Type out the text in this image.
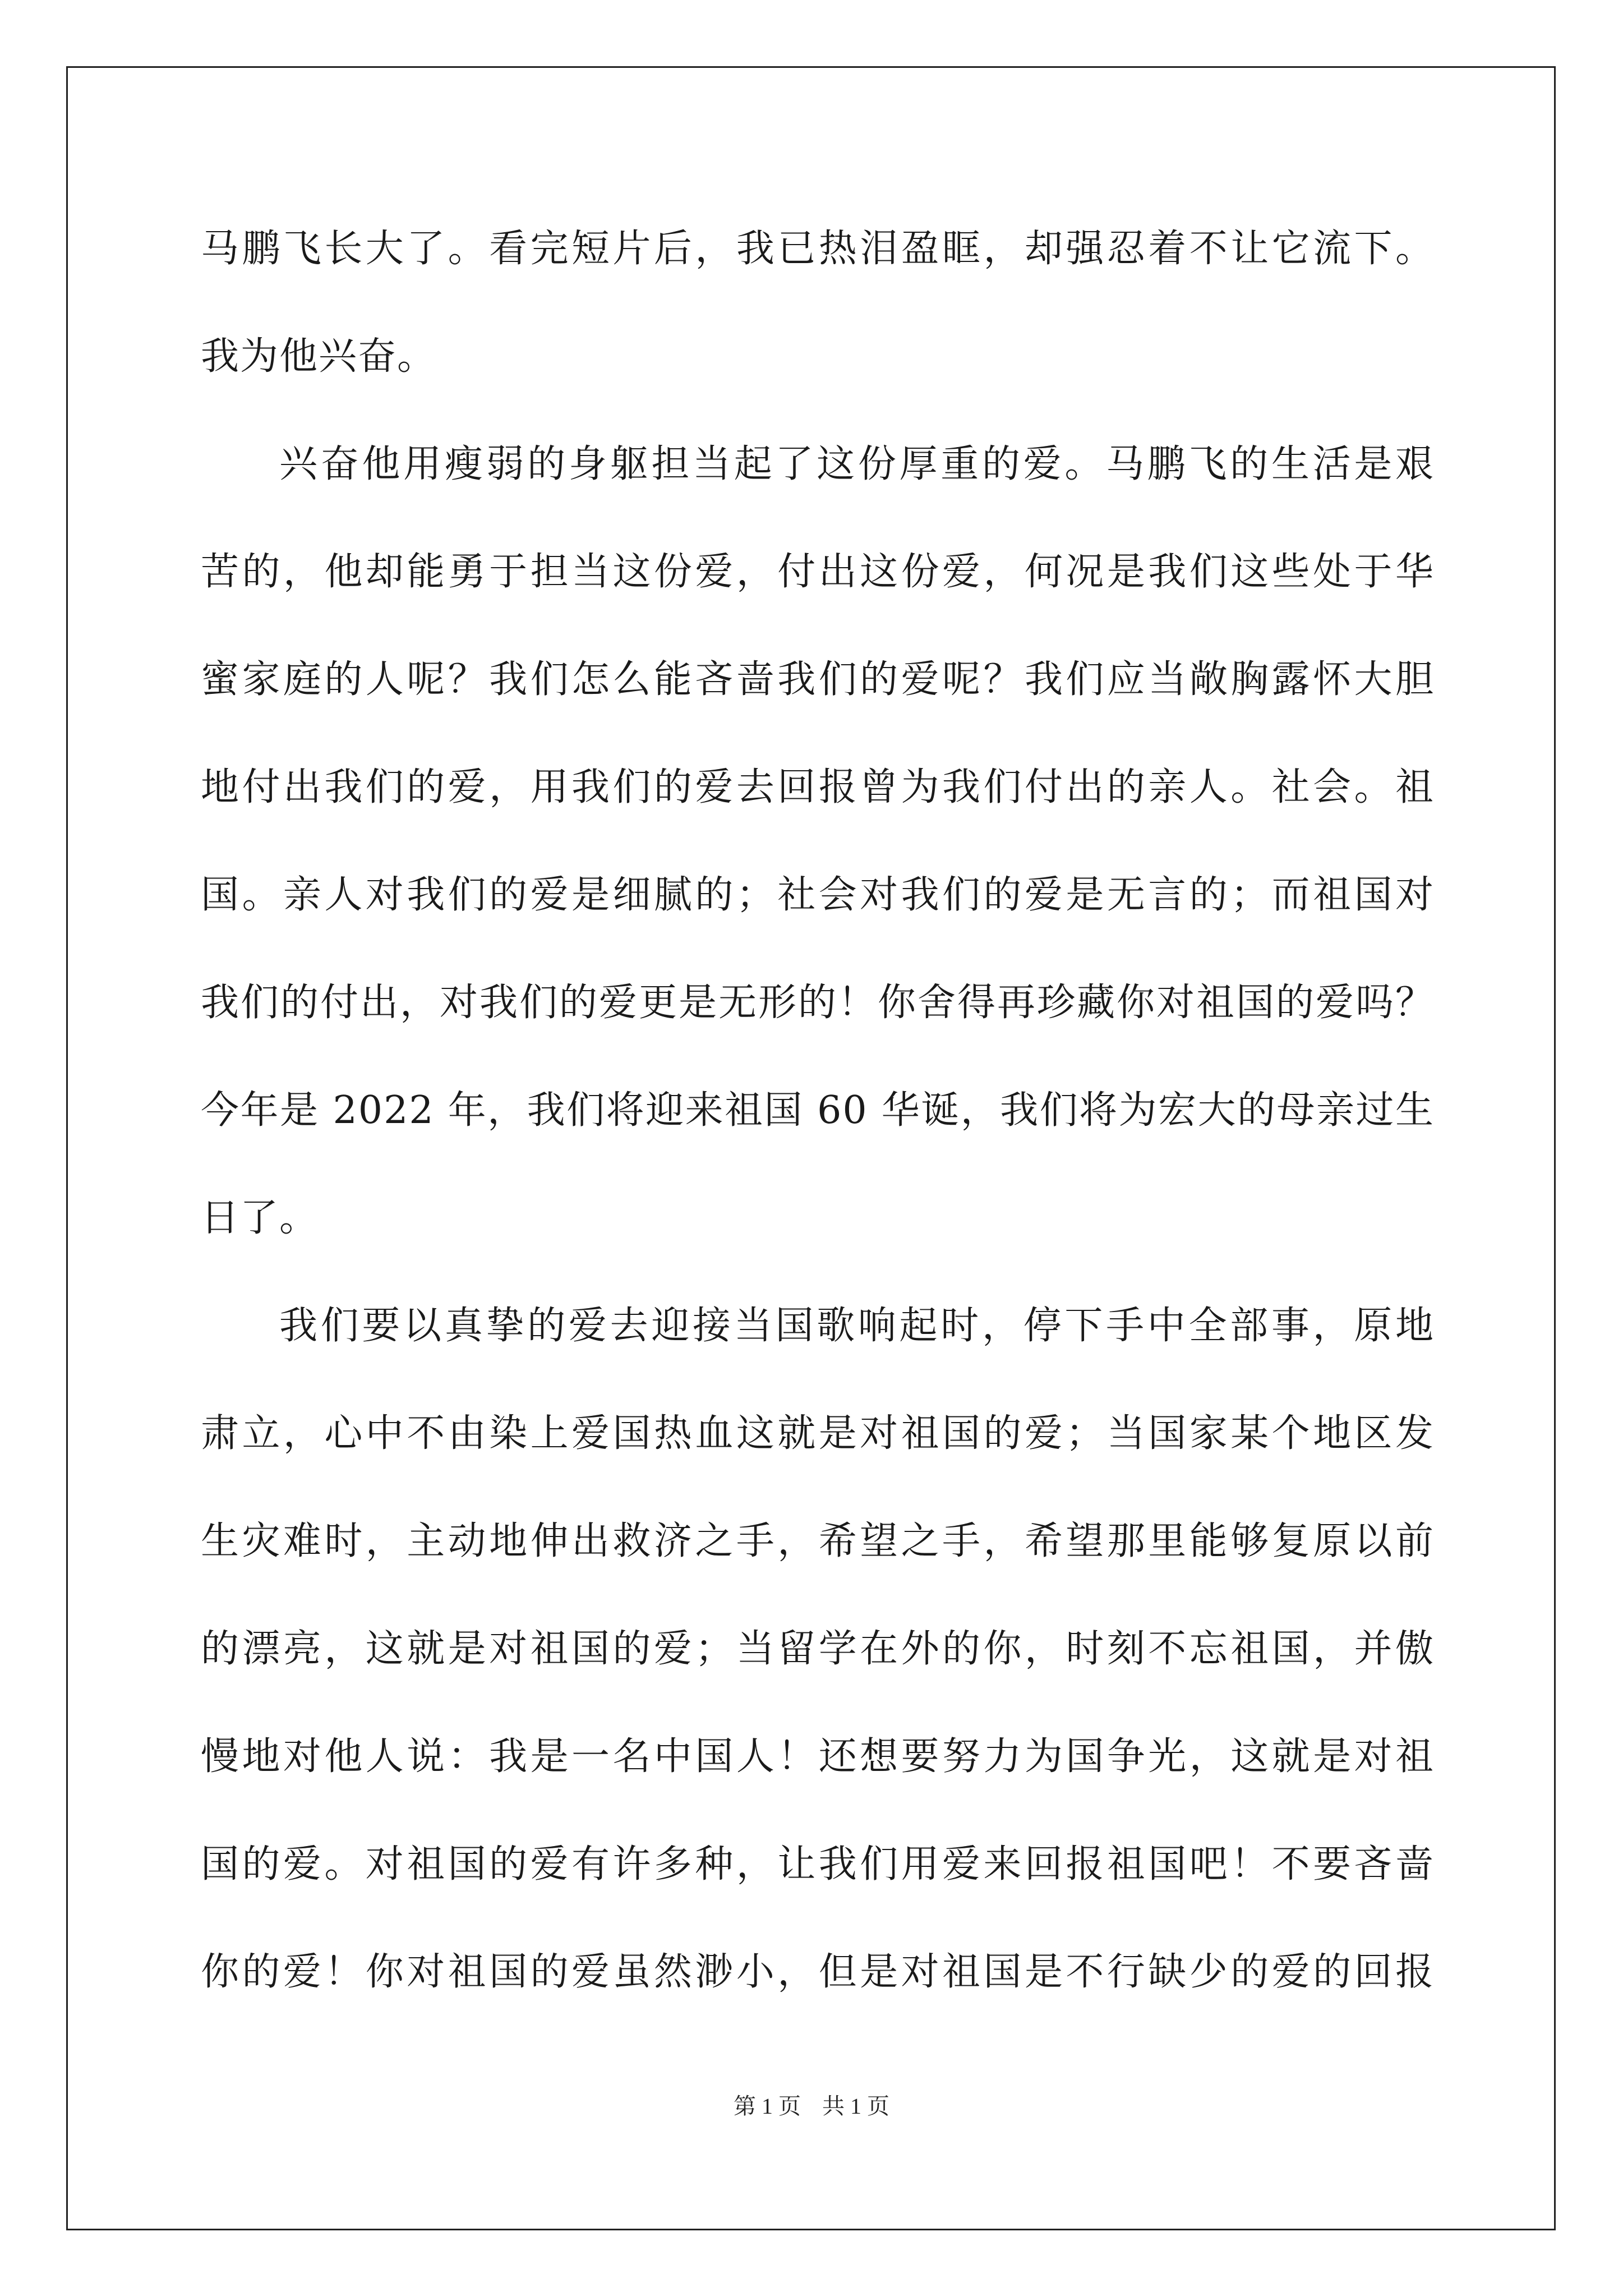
马鹏飞长大了。看完短片后，我已热泪盈眶，却强忍着不让它流下。
我为他兴奋。
兴奋他用瘦弱的身躯担当起了这份厚重的爱。马鹏飞的生活是艰
苦的，他却能勇于担当这份爱，付出这份爱，何况是我们这些处于华
蜜家庭的人呢？我们怎么能吝啬我们的爱呢？我们应当敞胸露怀大胆
地付出我们的爱，用我们的爱去回报曾为我们付出的亲人。社会。祖
国。亲人对我们的爱是细腻的；社会对我们的爱是无言的；而祖国对
我们的付出，对我们的爱更是无形的！你舍得再珍藏你对祖国的爱吗？
今年是 2022 年，我们将迎来祖国 60 华诞，我们将为宏大的母亲过生
日了。
我们要以真挚的爱去迎接当国歌响起时，停下手中全部事，原地
肃立，心中不由染上爱国热血这就是对祖国的爱；当国家某个地区发
生灾难时，主动地伸出救济之手，希望之手，希望那里能够复原以前
的漂亮，这就是对祖国的爱；当留学在外的你，时刻不忘祖国，并傲
慢地对他人说：我是一名中国人！还想要努力为国争光，这就是对祖
国的爱。对祖国的爱有许多种，让我们用爱来回报祖国吧！不要吝啬
你的爱！你对祖国的爱虽然渺小，但是对祖国是不行缺少的爱的回报
第 1 页 共 1 页
